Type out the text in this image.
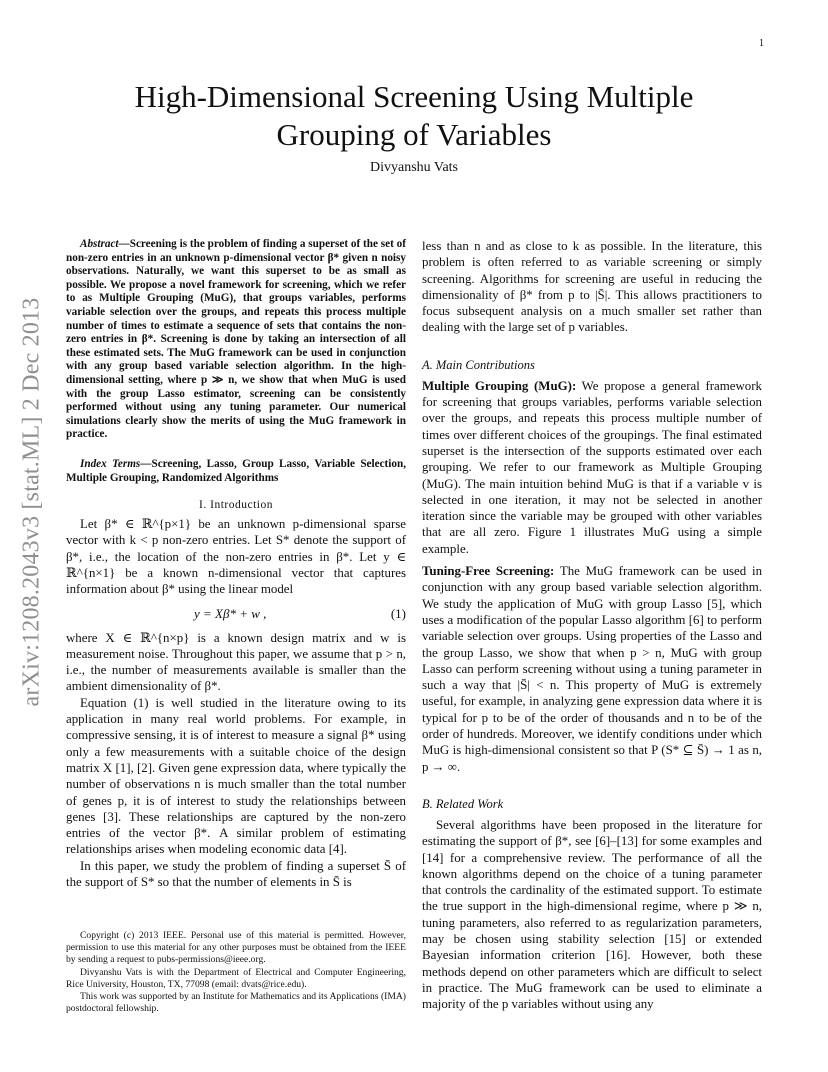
1
High-Dimensional Screening Using Multiple
Grouping of Variables
Divyanshu Vats
arXiv:1208.2043v3 [stat.ML] 2 Dec 2013

Abstract—Screening is the problem of finding a superset of the set of non-zero entries in an unknown p-dimensional vector β* given n noisy observations. Naturally, we want this superset to be as small as possible. We propose a novel framework for screening, which we refer to as Multiple Grouping (MuG), that groups variables, performs variable selection over the groups, and repeats this process multiple number of times to estimate a sequence of sets that contains the non-zero entries in β*. Screening is done by taking an intersection of all these estimated sets. The MuG framework can be used in conjunction with any group based variable selection algorithm. In the high-dimensional setting, where p ≫ n, we show that when MuG is used with the group Lasso estimator, screening can be consistently performed without using any tuning parameter. Our numerical simulations clearly show the merits of using the MuG framework in practice.

Index Terms—Screening, Lasso, Group Lasso, Variable Selection, Multiple Grouping, Randomized Algorithms

I. Introduction

Let β* ∈ ℝ^{p×1} be an unknown p-dimensional sparse vector with k < p non-zero entries. Let S* denote the support of β*, i.e., the location of the non-zero entries in β*. Let y ∈ ℝ^{n×1} be a known n-dimensional vector that captures information about β* using the linear model

y = Xβ* + w ,	(1)

where X ∈ ℝ^{n×p} is a known design matrix and w is measurement noise. Throughout this paper, we assume that p > n, i.e., the number of measurements available is smaller than the ambient dimensionality of β*.

Equation (1) is well studied in the literature owing to its application in many real world problems. For example, in compressive sensing, it is of interest to measure a signal β* using only a few measurements with a suitable choice of the design matrix X [1], [2]. Given gene expression data, where typically the number of observations n is much smaller than the total number of genes p, it is of interest to study the relationships between genes [3]. These relationships are captured by the non-zero entries of the vector β*. A similar problem of estimating relationships arises when modeling economic data [4].

In this paper, we study the problem of finding a superset S̄ of the support of S* so that the number of elements in S̄ is

Copyright (c) 2013 IEEE. Personal use of this material is permitted. However, permission to use this material for any other purposes must be obtained from the IEEE by sending a request to pubs-permissions@ieee.org.

Divyanshu Vats is with the Department of Electrical and Computer Engineering, Rice University, Houston, TX, 77098 (email: dvats@rice.edu).

This work was supported by an Institute for Mathematics and its Applications (IMA) postdoctoral fellowship.

less than n and as close to k as possible. In the literature, this problem is often referred to as variable screening or simply screening. Algorithms for screening are useful in reducing the dimensionality of β* from p to |S̄|. This allows practitioners to focus subsequent analysis on a much smaller set rather than dealing with the large set of p variables.

A. Main Contributions

Multiple Grouping (MuG): We propose a general framework for screening that groups variables, performs variable selection over the groups, and repeats this process multiple number of times over different choices of the groupings. The final estimated superset is the intersection of the supports estimated over each grouping. We refer to our framework as Multiple Grouping (MuG). The main intuition behind MuG is that if a variable v is selected in one iteration, it may not be selected in another iteration since the variable may be grouped with other variables that are all zero. Figure 1 illustrates MuG using a simple example.

Tuning-Free Screening: The MuG framework can be used in conjunction with any group based variable selection algorithm. We study the application of MuG with group Lasso [5], which uses a modification of the popular Lasso algorithm [6] to perform variable selection over groups. Using properties of the Lasso and the group Lasso, we show that when p > n, MuG with group Lasso can perform screening without using a tuning parameter in such a way that |S̄| < n. This property of MuG is extremely useful, for example, in analyzing gene expression data where it is typical for p to be of the order of thousands and n to be of the order of hundreds. Moreover, we identify conditions under which MuG is high-dimensional consistent so that P (S* ⊆ S̄) → 1 as n, p → ∞.

B. Related Work

Several algorithms have been proposed in the literature for estimating the support of β*, see [6]–[13] for some examples and [14] for a comprehensive review. The performance of all the known algorithms depend on the choice of a tuning parameter that controls the cardinality of the estimated support. To estimate the true support in the high-dimensional regime, where p ≫ n, tuning parameters, also referred to as regularization parameters, may be chosen using stability selection [15] or extended Bayesian information criterion [16]. However, both these methods depend on other parameters which are difficult to select in practice. The MuG framework can be used to eliminate a majority of the p variables without using any
